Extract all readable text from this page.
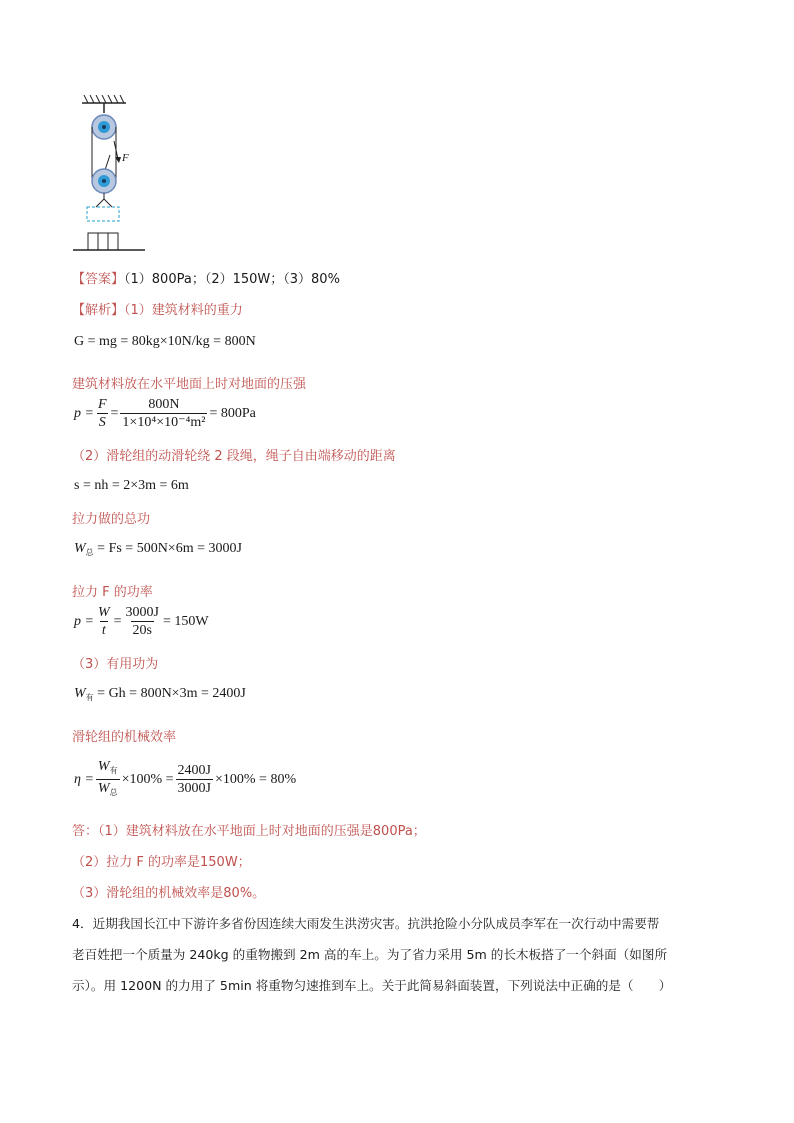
F
【答案】（1）800Pa；（2）150W；（3）80%
【解析】（1）建筑材料的重力
G = mg = 80kg×10N/kg = 800N
建筑材料放在水平地面上时对地面的压强
$p = \frac{F}{S} = \frac{800N}{\text{1×10⁴×10⁻⁴m²}} = 800Pa$
（2）滑轮组的动滑轮绕 2 段绳，绳子自由端移动的距离
s = nh = 2×3m = 6m
拉力做的总功
$W_总 = Fs = 500N\times 6m = 3000J$
拉力 F 的功率
$p = \frac{W}{t} = \frac{3000J}{20s} = 150W$
（3）有用功为
$W_有 = Gh = 800N\times 3m = 2400J$
滑轮组的机械效率
$\eta = \frac{W_有}{W_总} \times 100\% = \frac{2400J}{3000J} \times 100\% = 80\%$
答：（1）建筑材料放在水平地面上时对地面的压强是800Pa；
（2）拉力 F 的功率是150W；
（3）滑轮组的机械效率是80%。
4．近期我国长江中下游许多省份因连续大雨发生洪涝灾害。抗洪抢险小分队成员李军在一次行动中需要帮
老百姓把一个质量为 240kg 的重物搬到 2m 高的车上。为了省力采用 5m 的长木板搭了一个斜面（如图所
示）。用 1200N 的力用了 5min 将重物匀速推到车上。关于此简易斜面装置，下列说法中正确的是（　　）
